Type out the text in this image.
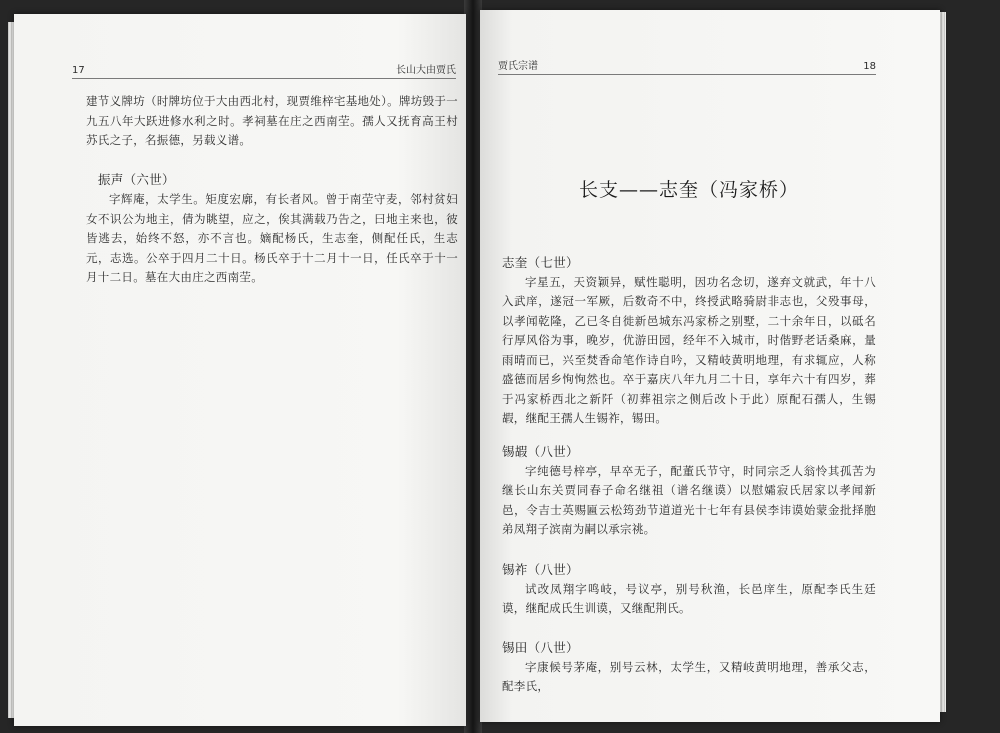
17	长山大由贾氏

建节义牌坊（时牌坊位于大由西北村，现贾维梓宅基地处）。牌坊毁于一九五八年大跃进修水利之时。孝祠墓在庄之西南茔。孺人又抚育高王村苏氏之子，名振德，另载义谱。

振声（六世）

字辉庵，太学生。矩度宏廓，有长者风。曾于南茔守麦，邻村贫妇女不识公为地主，倩为眺望，应之，俟其满载乃告之，曰地主来也，彼皆逃去，始终不怒，亦不言也。嫡配杨氏，生志奎，侧配任氏，生志元，志选。公卒于四月二十日。杨氏卒于十二月十一日，任氏卒于十一月十二日。墓在大由庄之西南茔。

贾氏宗谱	18
长支——志奎（冯家桥）

志奎（七世）

字星五，天资颖异，赋性聪明，因功名念切，遂弃文就武，年十八入武庠，遂冠一军厥，后数奇不中，终授武略骑尉非志也，父殁事母，以孝闻乾隆，乙已冬自徙新邑城东冯家桥之别墅，二十余年日，以砥名行厚风俗为事，晚岁，优游田园，经年不入城市，时偕野老话桑麻，量雨晴而已，兴至焚香命笔作诗自吟，又精岐黄明地理，有求辄应，人称盛德而居乡恂恂然也。卒于嘉庆八年九月二十日，享年六十有四岁，葬于冯家桥西北之新阡（初葬祖宗之侧后改卜于此）原配石孺人，生锡嘏，继配王孺人生锡祚，锡田。

锡嘏（八世）

字纯德号梓亭，早卒无子，配董氏节守，时同宗乏人翁怜其孤苦为继长山东关贾同春子命名继祖（谱名继谟）以慰孀寂氏居家以孝闻新邑，令吉士英赐匾云松筠劲节道道光十七年有县侯李讳谟始蒙金批择胞弟凤翔子滨南为嗣以承宗祧。

锡祚（八世）

试改凤翔字鸣岐，号议亭，别号秋渔，长邑庠生，原配李氏生廷谟，继配成氏生训谟，又继配荆氏。

锡田（八世）

字康候号茅庵，别号云林，太学生，又精岐黄明地理，善承父志，配李氏，
